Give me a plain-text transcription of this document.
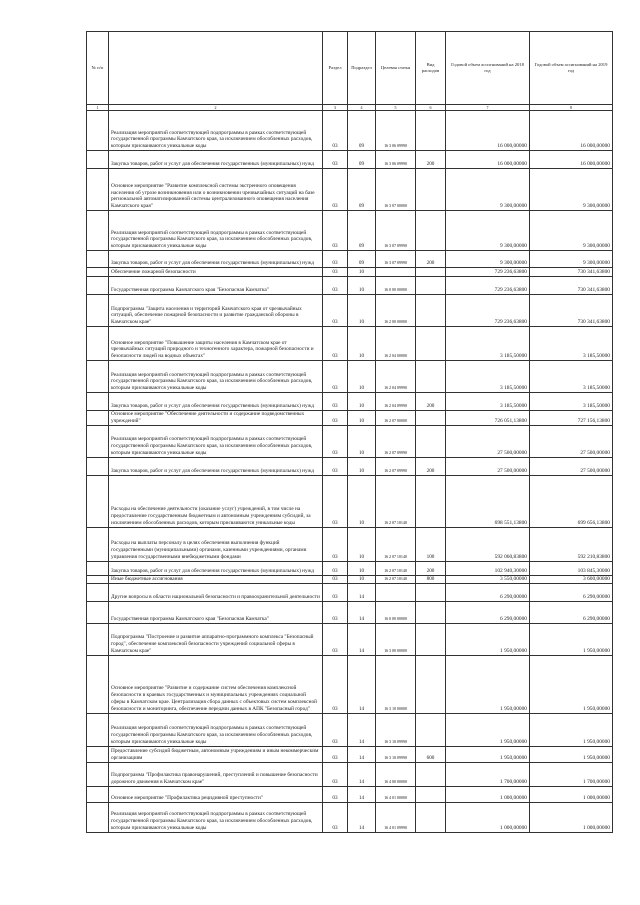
№ п/п		Раздел	Подраздел	Целевая статья	Вид расходов	Годовой объем ассигнований на 2018 год	Годовой объем ассигнований на 2019 год
1	2	3	4	5	6	7	8
	Реализация мероприятий соответствующей подпрограммы в рамках соответствующей государственной программы Камчатского края, за исключением обособленных расходов, которым присваиваются уникальные коды	03	09	16 3 06 09990		16 000,00000	16 000,00000
	Закупка товаров, работ и услуг для обеспечения государственных (муниципальных) нужд	03	09	16 3 06 09990	200	16 000,00000	16 000,00000
	Основное мероприятие "Развитие комплексной системы экстренного оповещения населения об угрозе возникновения или о возникновении чрезвычайных ситуаций на базе региональной автоматизированной системы централизованного оповещения населения Камчатского края"	03	09	16 3 07 00000		9 300,00000	9 300,00000
	Реализация мероприятий соответствующей подпрограммы в рамках соответствующей государственной программы Камчатского края, за исключением обособленных расходов, которым присваиваются уникальные коды	03	09	16 3 07 09990		9 300,00000	9 300,00000
	Закупка товаров, работ и услуг для обеспечения государственных (муниципальных) нужд	03	09	16 3 07 09990	200	9 300,00000	9 300,00000
	Обеспечение пожарной безопасности	03	10			729 236,63800	730 341,63800
	Государственная программа Камчатского края "Безопасная Камчатка"	03	10	16 0 00 00000		729 236,63800	730 341,63800
	Подпрограмма "Защита населения и территорий Камчатского края от чрезвычайных ситуаций, обеспечение пожарной безопасности и развитие гражданской обороны в Камчатском крае"	03	10	16 2 00 00000		729 236,63800	730 341,63800
	Основное мероприятие "Повышение защиты населения в Камчатском крае от чрезвычайных ситуаций природного и техногенного характера, пожарной безопасности и безопасности людей на водных объектах"	03	10	16 2 04 00000		3 185,50000	3 185,50000
	Реализация мероприятий соответствующей подпрограммы в рамках соответствующей государственной программы Камчатского края, за исключением обособленных расходов, которым присваиваются уникальные коды	03	10	16 2 04 09990		3 185,50000	3 185,50000
	Закупка товаров, работ и услуг для обеспечения государственных (муниципальных) нужд	03	10	16 2 04 09990	200	3 185,50000	3 185,50000
	Основное мероприятие "Обеспечение деятельности и содержание подведомственных учреждений"	03	10	16 2 07 00000		726 051,13800	727 156,13800
	Реализация мероприятий соответствующей подпрограммы в рамках соответствующей государственной программы Камчатского края, за исключением обособленных расходов, которым присваиваются уникальные коды	03	10	16 2 07 09990		27 500,00000	27 500,00000
	Закупка товаров, работ и услуг для обеспечения государственных (муниципальных) нужд	03	10	16 2 07 09990	200	27 500,00000	27 500,00000
	Расходы на обеспечение деятельности (оказание услуг) учреждений, в том числе на предоставление государственным бюджетным и автономным учреждениям субсидий, за исключением обособленных расходов, которым присваиваются уникальные коды	03	10	16 2 07 10140		698 551,13800	699 656,13800
	Расходы на выплаты персоналу в целях обеспечения выполнения функций государственными (муниципальными) органами, казенными учреждениями, органами управления государственными внебюджетными фондами	03	10	16 2 07 10140	100	592 060,83800	592 210,83800
	Закупка товаров, работ и услуг для обеспечения государственных (муниципальных) нужд	03	10	16 2 07 10140	200	102 940,30000	103 845,30000
	Иные бюджетные ассигнования	03	10	16 2 07 10140	800	3 550,00000	3 600,00000
	Другие вопросы в области национальной безопасности и правоохранительной деятельности	03	14			6 290,00000	6 290,00000
	Государственная программа Камчатского края "Безопасная Камчатка"	03	14	16 0 00 00000		6 290,00000	6 290,00000
	Подпрограмма "Построение и развитие аппаратно-программного комплекса "Безопасный город", обеспечение комплексной безопасности учреждений социальной сферы в Камчатском крае"	03	14	16 3 00 00000		1 950,00000	1 950,00000
	Основное мероприятие "Развитие и содержание систем обеспечения комплексной безопасности в краевых государственных и муниципальных учреждениях социальной сферы в Камчатском крае. Централизация сбора данных с объектовых систем комплексной безопасности и мониторинга, обеспечение передачи данных в АПК "Безопасный город"	03	14	16 3 10 00000		1 950,00000	1 950,00000
	Реализация мероприятий соответствующей подпрограммы в рамках соответствующей государственной программы Камчатского края, за исключением обособленных расходов, которым присваиваются уникальные коды	03	14	16 3 10 09990		1 950,00000	1 950,00000
	Предоставление субсидий бюджетным, автономным учреждениям и иным некоммерческим организациям	03	14	16 3 10 09990	600	1 950,00000	1 950,00000
	Подпрограмма "Профилактика правонарушений, преступлений и повышение безопасности дорожного движения в Камчатском крае"	03	14	16 4 00 00000		1 700,00000	1 700,00000
	Основное мероприятие "Профилактика рецидивной преступности"	03	14	16 4 01 00000		1 000,00000	1 000,00000
	Реализация мероприятий соответствующей подпрограммы в рамках соответствующей государственной программы Камчатского края, за исключением обособленных расходов, которым присваиваются уникальные коды	03	14	16 4 01 09990		1 000,00000	1 000,00000
